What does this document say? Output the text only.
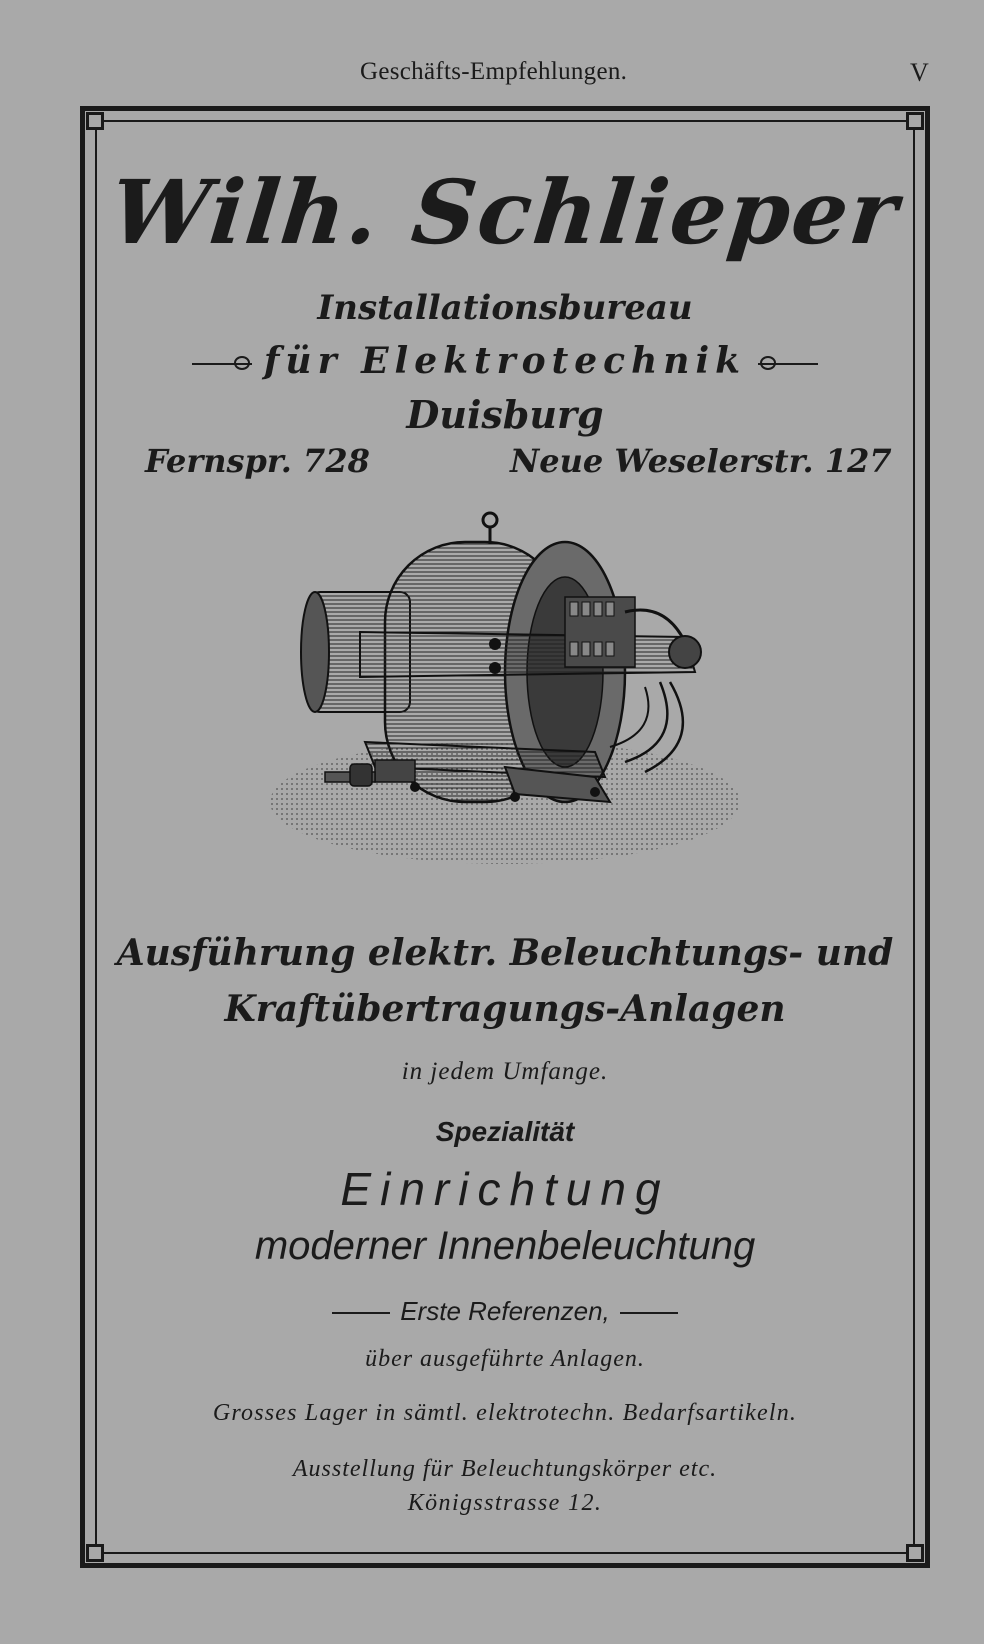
Geschäfts-Empfehlungen.	V
Wilh. Schlieper
Installationsbureau
für Elektrotechnik
Duisburg
Fernspr. 728	Neue Weselerstr. 127
Ausführung elektr. Beleuchtungs- und
Kraftübertragungs-Anlagen
in jedem Umfange.
Spezialität
Einrichtung
moderner Innenbeleuchtung
Erste Referenzen,
über ausgeführte Anlagen.
Grosses Lager in sämtl. elektrotechn. Bedarfsartikeln.
Ausstellung für Beleuchtungskörper etc.
Königsstrasse 12.
